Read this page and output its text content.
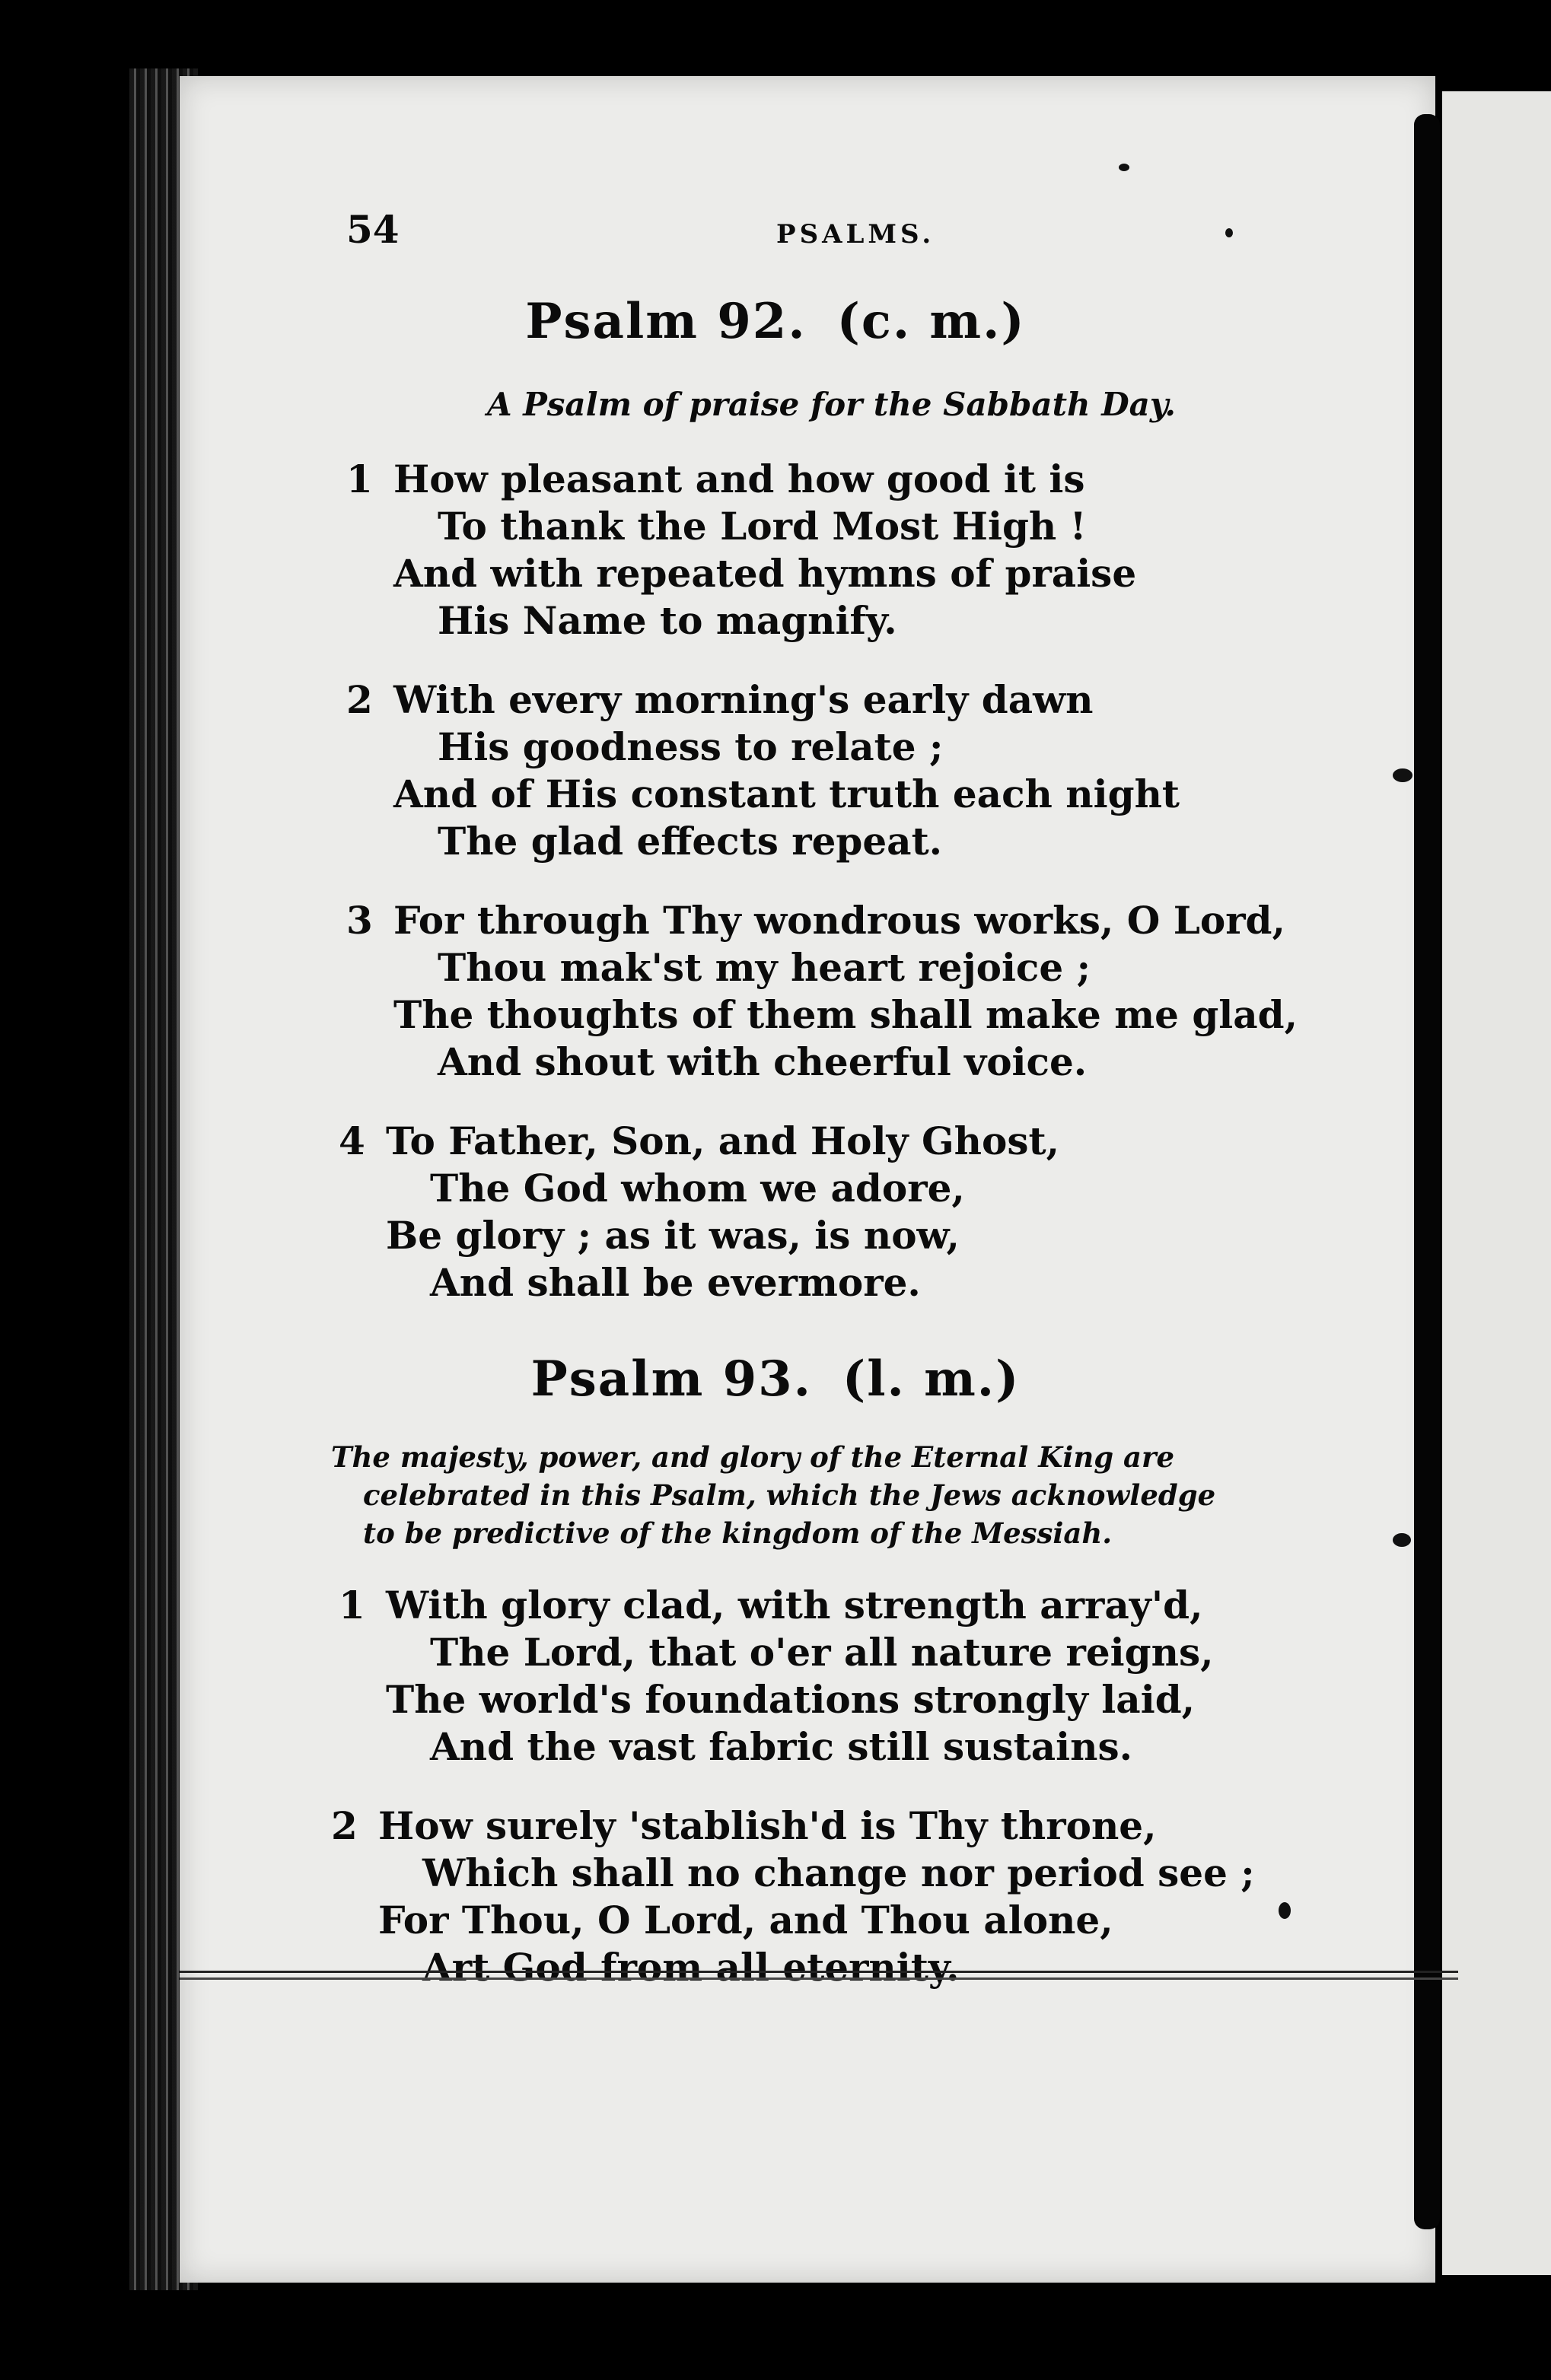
54	PSALMS.
Psalm 92. (c. m.)
A Psalm of praise for the Sabbath Day.
1 How pleasant and how good it is
To thank the Lord Most High !
And with repeated hymns of praise
His Name to magnify.
2 With every morning's early dawn
His goodness to relate ;
And of His constant truth each night
The glad effects repeat.
3 For through Thy wondrous works, O Lord,
Thou mak'st my heart rejoice ;
The thoughts of them shall make me glad,
And shout with cheerful voice.
4 To Father, Son, and Holy Ghost,
The God whom we adore,
Be glory ; as it was, is now,
And shall be evermore.
Psalm 93. (l. m.)
The majesty, power, and glory of the Eternal King are
celebrated in this Psalm, which the Jews acknowledge
to be predictive of the kingdom of the Messiah.
1 With glory clad, with strength array'd,
The Lord, that o'er all nature reigns,
The world's foundations strongly laid,
And the vast fabric still sustains.
2 How surely 'stablish'd is Thy throne,
Which shall no change nor period see ;
For Thou, O Lord, and Thou alone,
Art God from all eternity.
